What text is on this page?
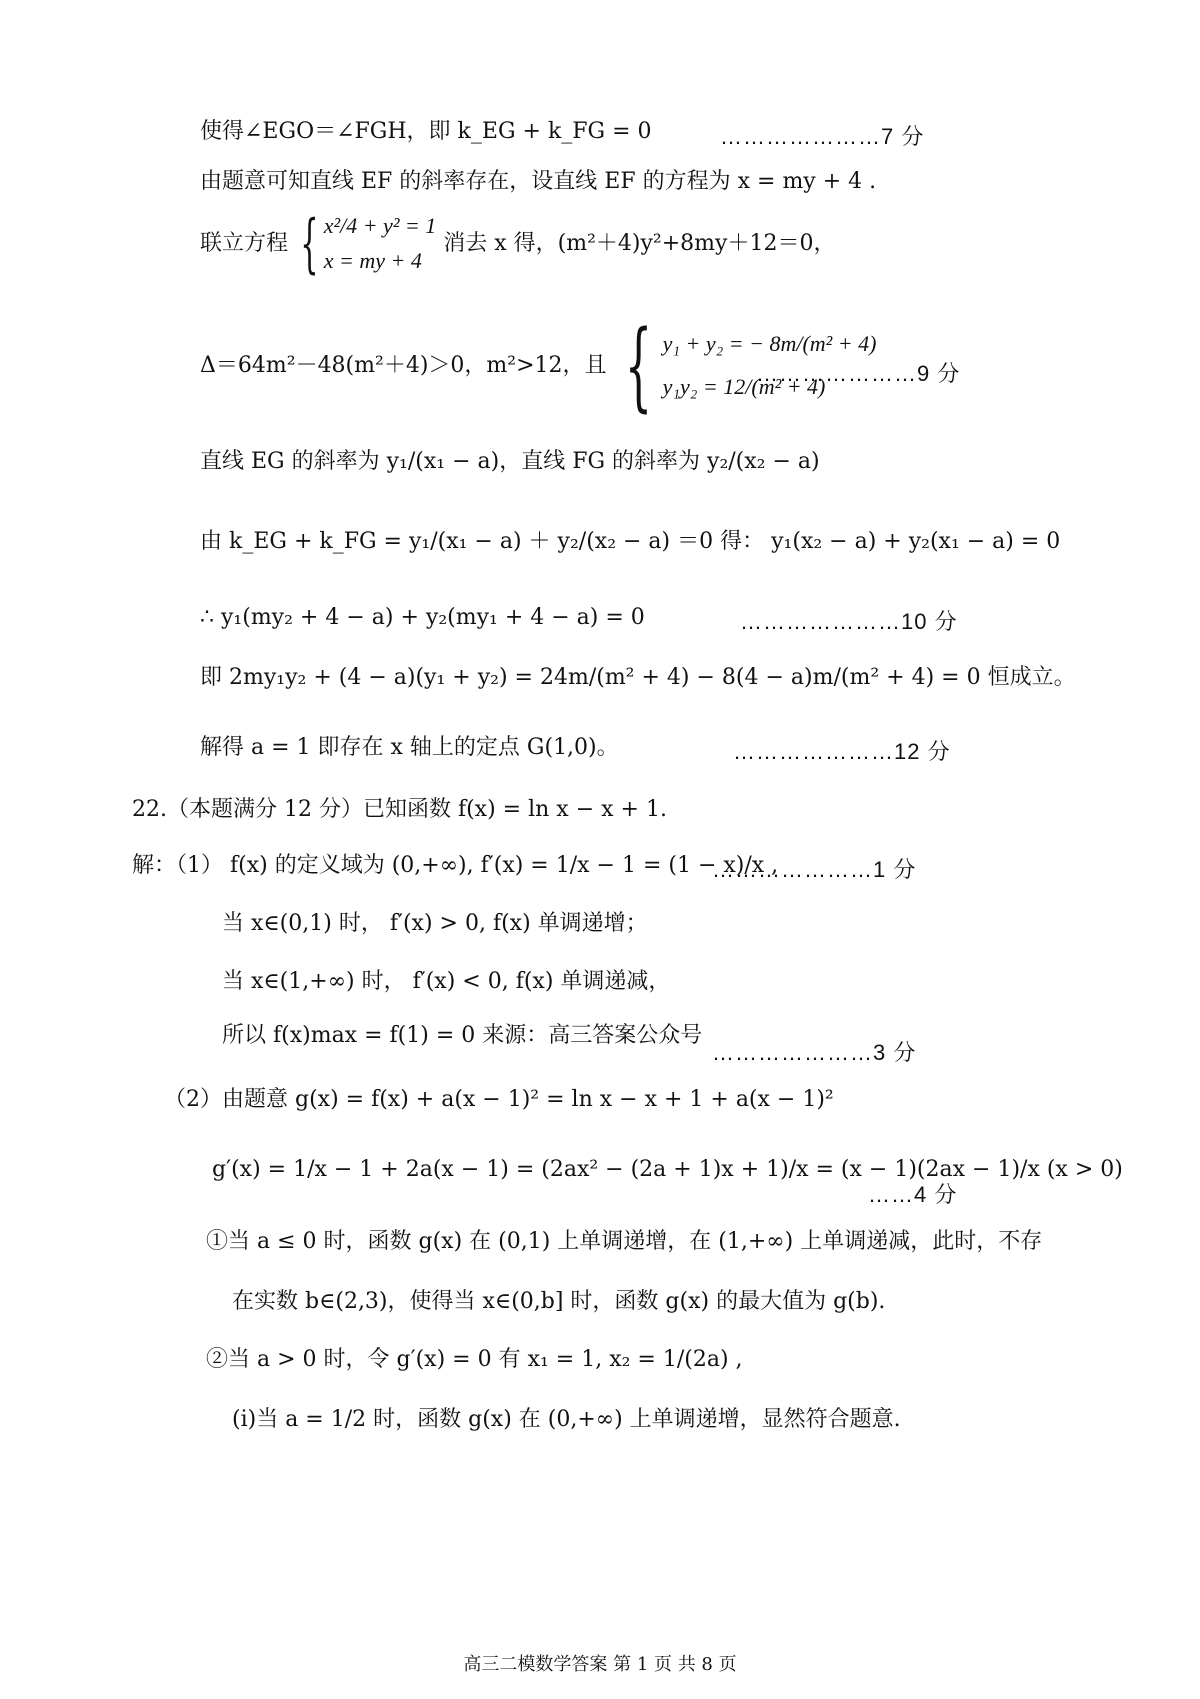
使得∠EGO＝∠FGH，即 k_EG + k_FG = 0	…………………7 分
由题意可知直线 EF 的斜率存在，设直线 EF 的方程为 x = my + 4 .
联立方程 { x²/4 + y² = 1
x = my + 4
消去 x 得，(m²＋4)y²+8my＋12＝0，
Δ＝64m²－48(m²＋4)＞0，m²>12，且 { y₁ + y₂ = − 8m/(m² + 4)
y₁y₂ = 12/(m² + 4)
…………………9 分
直线 EG 的斜率为 y₁/(x₁ − a)，直线 FG 的斜率为 y₂/(x₂ − a)
由 k_EG + k_FG = y₁/(x₁ − a) ＋ y₂/(x₂ − a) ＝0 得： y₁(x₂ − a) + y₂(x₁ − a) = 0
∴ y₁(my₂ + 4 − a) + y₂(my₁ + 4 − a) = 0	…………………10 分
即 2my₁y₂ + (4 − a)(y₁ + y₂) = 24m/(m² + 4) − 8(4 − a)m/(m² + 4) = 0 恒成立。
解得 a = 1 即存在 x 轴上的定点 G(1,0)。	…………………12 分
22.（本题满分 12 分）已知函数 f(x) = ln x − x + 1.
解：（1） f(x) 的定义域为 (0,+∞), f′(x) = 1/x − 1 = (1 − x)/x ,
…………………1 分
当 x∈(0,1) 时， f′(x) > 0, f(x) 单调递增；
当 x∈(1,+∞) 时， f′(x) < 0, f(x) 单调递减，
所以 f(x)max = f(1) = 0 来源：高三答案公众号
…………………3 分
（2）由题意 g(x) = f(x) + a(x − 1)² = ln x − x + 1 + a(x − 1)²
g′(x) = 1/x − 1 + 2a(x − 1) = (2ax² − (2a + 1)x + 1)/x = (x − 1)(2ax − 1)/x (x > 0)
……4 分
①当 a ≤ 0 时，函数 g(x) 在 (0,1) 上单调递增，在 (1,+∞) 上单调递减，此时，不存
在实数 b∈(2,3)，使得当 x∈(0,b] 时，函数 g(x) 的最大值为 g(b).
②当 a > 0 时，令 g′(x) = 0 有 x₁ = 1, x₂ = 1/(2a) ,
(i)当 a = 1/2 时，函数 g(x) 在 (0,+∞) 上单调递增，显然符合题意.
高三二模数学答案 第 1 页 共 8 页
